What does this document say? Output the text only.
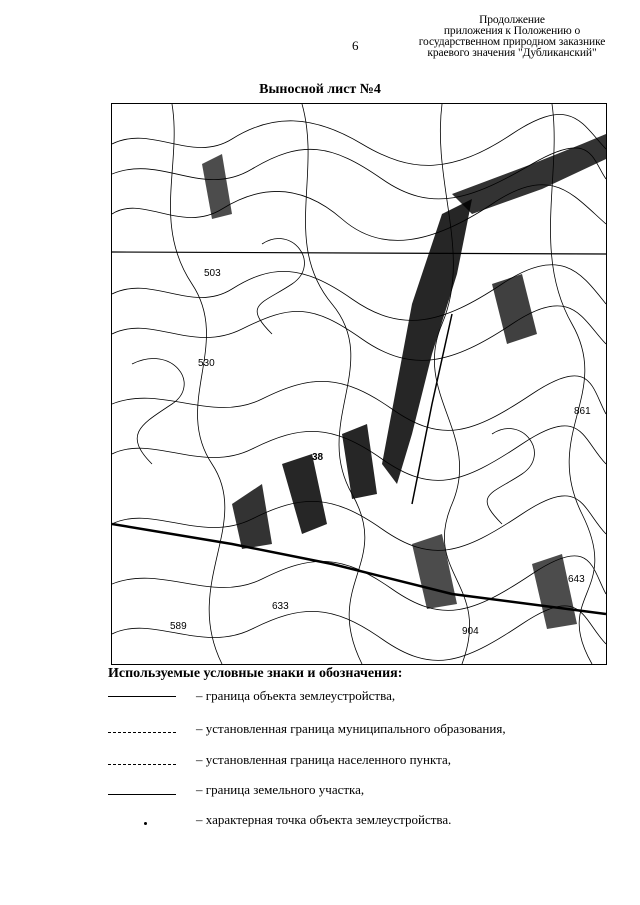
6
Продолжение
приложения к Положению о
государственном природном заказнике
краевого значения "Дубликанский"
Выносной лист №4
503
530
861
633
643
904
589
38
Используемые условные знаки и обозначения:
– граница объекта землеустройства,
– установленная граница муниципального образования,
– установленная граница населенного пункта,
– граница земельного участка,
– характерная точка объекта землеустройства.
